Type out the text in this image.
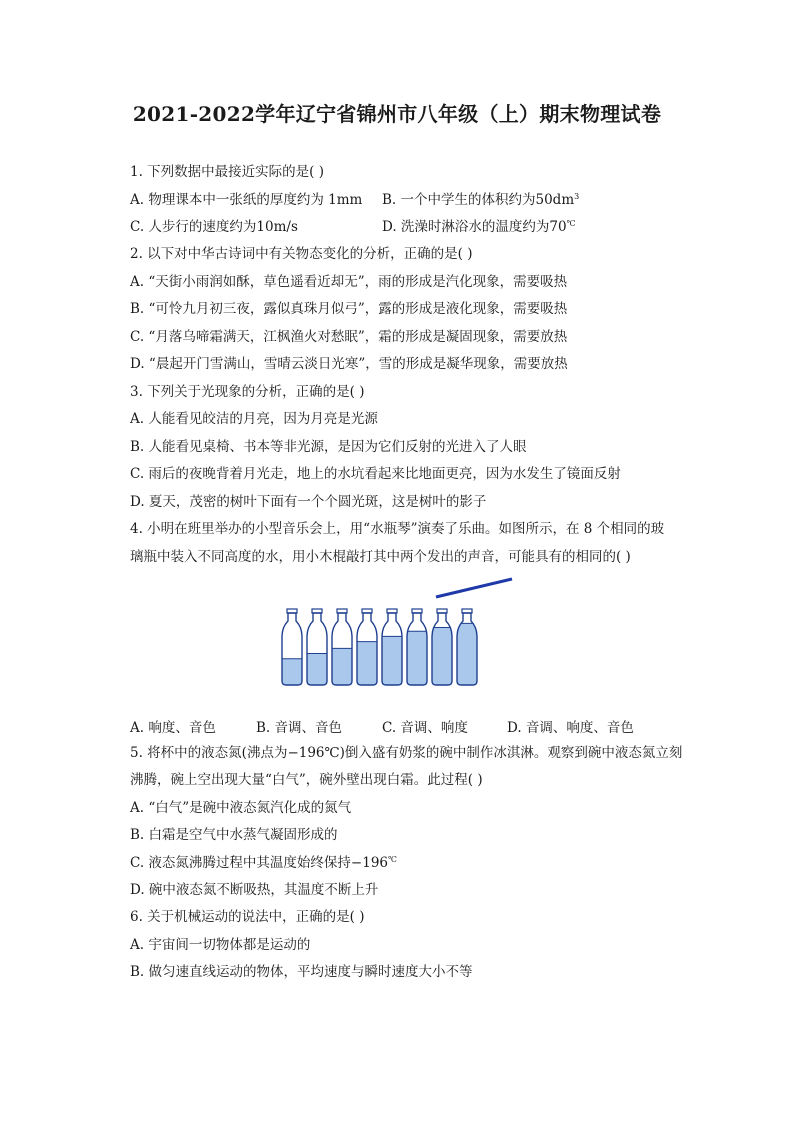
2021-2022学年辽宁省锦州市八年级（上）期末物理试卷
1. 下列数据中最接近实际的是( )
A. 物理课本中一张纸的厚度约为 1mm B. 一个中学生的体积约为$50dm^3$
C. 人步行的速度约为10m/s	D. 洗澡时淋浴水的温度约为70℃
2. 以下对中华古诗词中有关物态变化的分析，正确的是( )
A. “天街小雨润如酥，草色遥看近却无”，雨的形成是汽化现象，需要吸热
B. “可怜九月初三夜，露似真珠月似弓”，露的形成是液化现象，需要吸热
C. “月落乌啼霜满天，江枫渔火对愁眠”，霜的形成是凝固现象，需要放热
D. “晨起开门雪满山，雪晴云淡日光寒”，雪的形成是凝华现象，需要放热
3. 下列关于光现象的分析，正确的是( )
A. 人能看见皎洁的月亮，因为月亮是光源
B. 人能看见桌椅、书本等非光源，是因为它们反射的光进入了人眼
C. 雨后的夜晚背着月光走，地上的水坑看起来比地面更亮，因为水发生了镜面反射
D. 夏天，茂密的树叶下面有一个个圆光斑，这是树叶的影子
4. 小明在班里举办的小型音乐会上，用“水瓶琴”演奏了乐曲。如图所示，在 8 个相同的玻
璃瓶中装入不同高度的水，用小木棍敲打其中两个发出的声音，可能具有的相同的( )
A. 响度、音色	B. 音调、音色	C. 音调、响度	D. 音调、响度、音色
5. 将杯中的液态氮(沸点为−196℃)倒入盛有奶浆的碗中制作冰淇淋。观察到碗中液态氮立刻
沸腾，碗上空出现大量“白气”，碗外壁出现白霜。此过程( )
A. “白气”是碗中液态氮汽化成的氮气
B. 白霜是空气中水蒸气凝固形成的
C. 液态氮沸腾过程中其温度始终保持−196℃
D. 碗中液态氮不断吸热，其温度不断上升
6. 关于机械运动的说法中，正确的是( )
A. 宇宙间一切物体都是运动的
B. 做匀速直线运动的物体，平均速度与瞬时速度大小不等
